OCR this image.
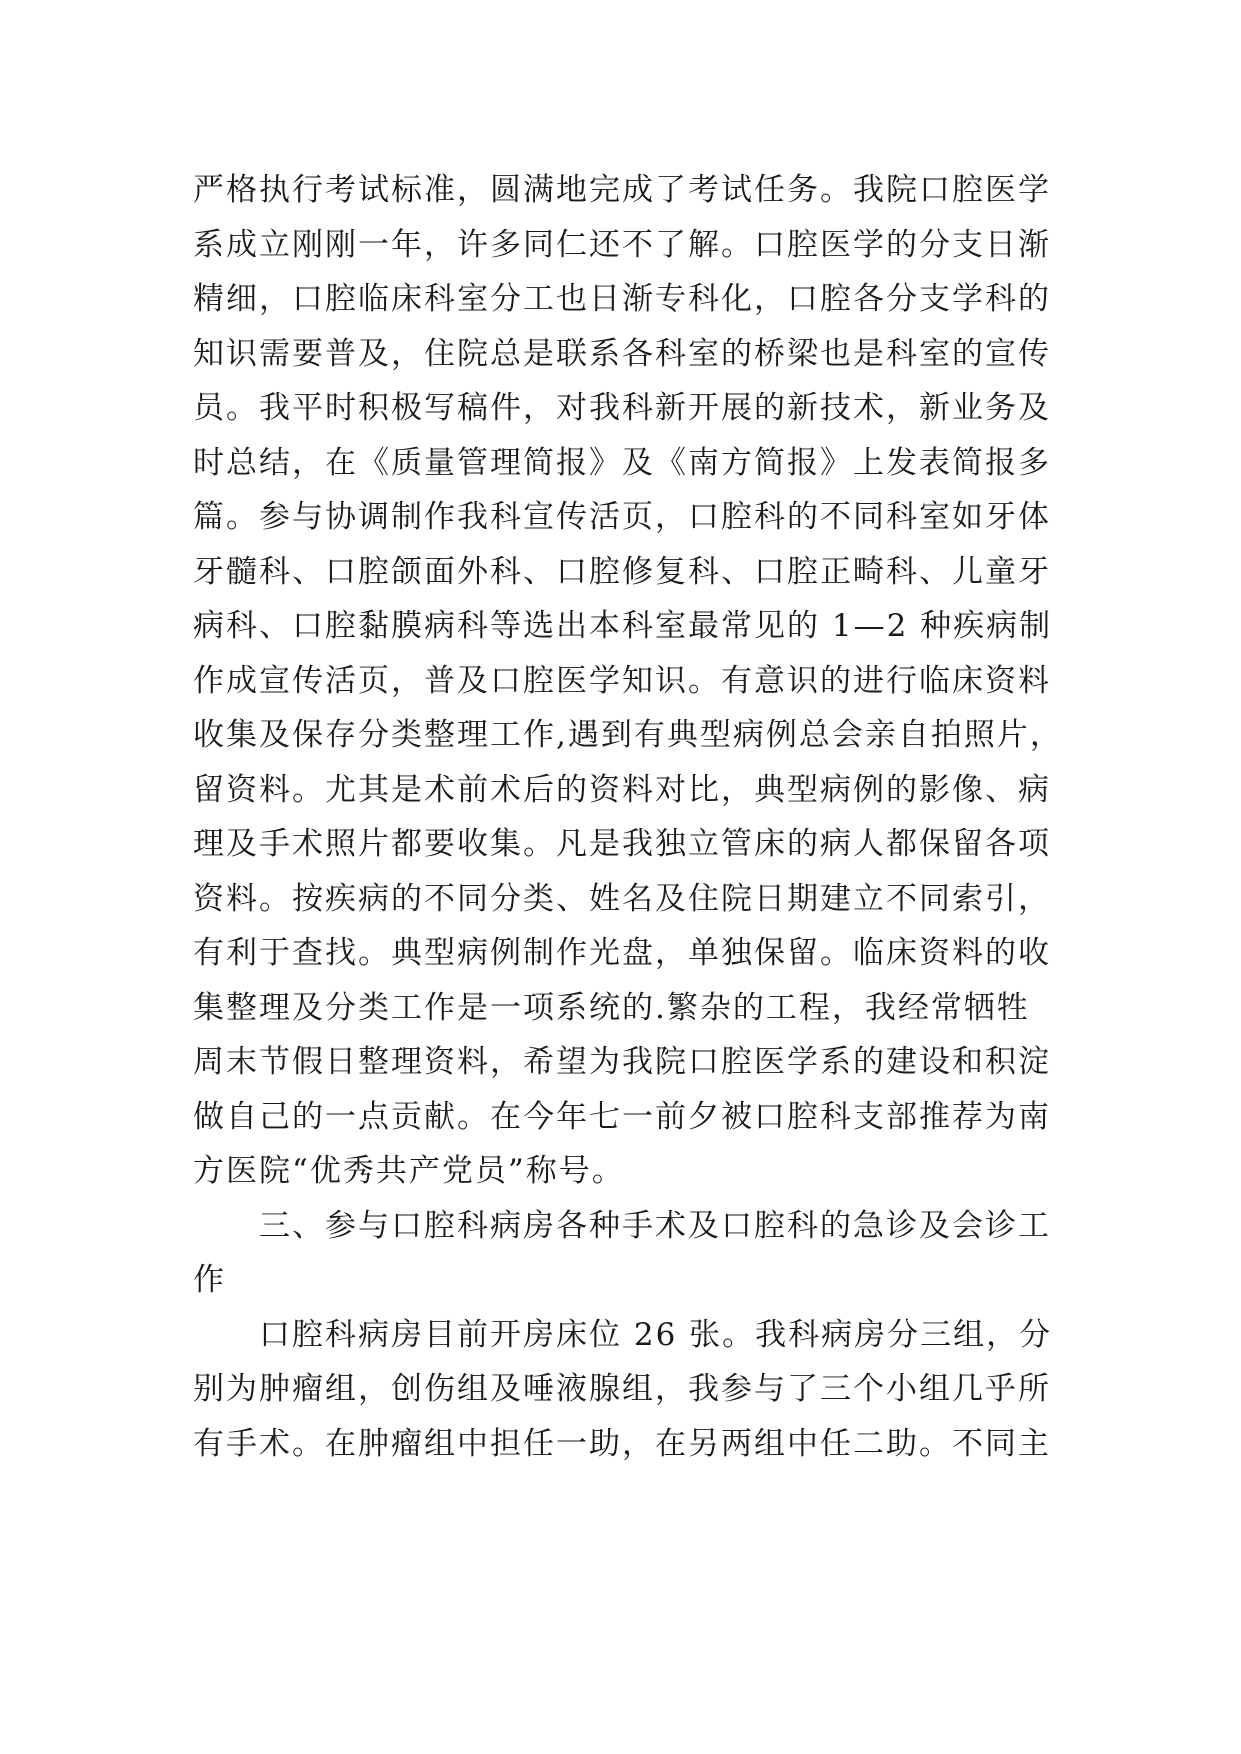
严格执行考试标准，圆满地完成了考试任务。我院口腔医学
系成立刚刚一年，许多同仁还不了解。口腔医学的分支日渐
精细，口腔临床科室分工也日渐专科化，口腔各分支学科的
知识需要普及，住院总是联系各科室的桥梁也是科室的宣传
员。我平时积极写稿件，对我科新开展的新技术，新业务及
时总结，在《质量管理简报》及《南方简报》上发表简报多
篇。参与协调制作我科宣传活页，口腔科的不同科室如牙体
牙髓科、口腔颌面外科、口腔修复科、口腔正畸科、儿童牙
病科、口腔黏膜病科等选出本科室最常见的 1—2 种疾病制
作成宣传活页，普及口腔医学知识。有意识的进行临床资料
收集及保存分类整理工作,遇到有典型病例总会亲自拍照片，
留资料。尤其是术前术后的资料对比，典型病例的影像、病
理及手术照片都要收集。凡是我独立管床的病人都保留各项
资料。按疾病的不同分类、姓名及住院日期建立不同索引，
有利于查找。典型病例制作光盘，单独保留。临床资料的收
集整理及分类工作是一项系统的.繁杂的工程，我经常牺牲
周末节假日整理资料，希望为我院口腔医学系的建设和积淀
做自己的一点贡献。在今年七一前夕被口腔科支部推荐为南
方医院“优秀共产党员”称号。
三、参与口腔科病房各种手术及口腔科的急诊及会诊工
作
口腔科病房目前开房床位 26 张。我科病房分三组，分
别为肿瘤组，创伤组及唾液腺组，我参与了三个小组几乎所
有手术。在肿瘤组中担任一助，在另两组中任二助。不同主
